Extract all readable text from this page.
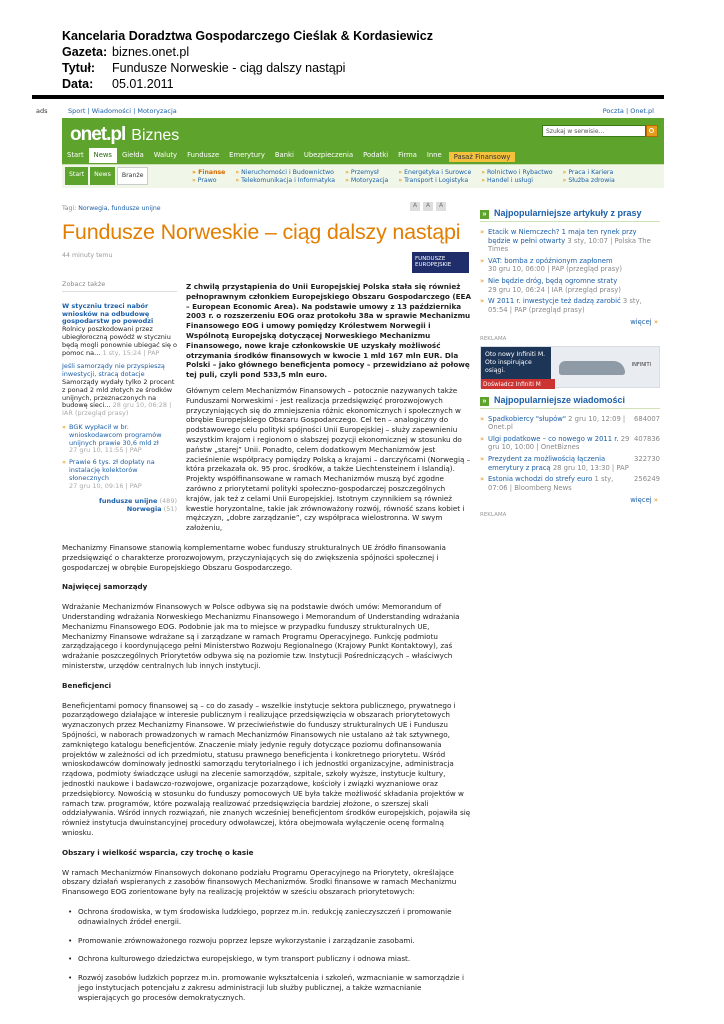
Kancelaria Doradztwa Gospodarczego Cieślak & Kordasiewicz
Gazeta: biznes.onet.pl
Tytuł:	Fundusze Norweskie - ciąg dalszy nastąpi
Data:	05.01.2011
ads	Sport | Wiadomości | Motoryzacja	Poczta | Onet.pl
onet.pl Biznes	Szukaj w serwisie...
Start	News	Giełda	Waluty	Fundusze	Emerytury	Banki	Ubezpieczenia	Podatki	Firma	Inne	Pasaż Finansowy
Start	News	Branże	» Finanse	» Nieruchomości i Budownictwo	» Przemysł	» Energetyka i Surowce	» Rolnictwo i Rybactwo	» Praca i Kariera
» Prawo	» Telekomunikacja i Informatyka	» Motoryzacja	» Transport i Logistyka	» Handel i usługi	» Służba zdrowia
Tagi: Norwegia, fundusze unijne	A	A	A
Fundusze Norweskie – ciąg dalszy nastąpi
44 minuty temu	FUNDUSZE EUROPEJSKIE
Zobacz także

W styczniu trzeci nabór wniosków na odbudowę gospodarstw po powodzi
Rolnicy poszkodowani przez ubiegłoroczną powódź w styczniu będą mogli ponownie ubiegać się o pomoc na... 1 sty, 15:24 | PAP

Jeśli samorządy nie przyspieszą inwestycji, stracą dotacje
Samorządy wydały tylko 2 procent z ponad 2 mld złotych ze środków unijnych, przeznaczonych na budowę sieci... 28 gru 10, 06:28 | IAR (przegląd prasy)

» BGK wypłacił w br. wnioskodawcom programów unijnych prawie 30,6 mld zł
27 gru 10, 11:55 | PAP
» Prawie 6 tys. zł dopłaty na instalację kolektorów słonecznych
27 gru 10, 09:16 | PAP
fundusze unijne (489)
Norwegia (51)
Z chwilą przystąpienia do Unii Europejskiej Polska stała się również pełnoprawnym członkiem Europejskiego Obszaru Gospodarczego (EEA – European Economic Area). Na podstawie umowy z 13 października 2003 r. o rozszerzeniu EOG oraz protokołu 38a w sprawie Mechanizmu Finansowego EOG i umowy pomiędzy Królestwem Norwegii i Wspólnotą Europejską dotyczącej Norweskiego Mechanizmu Finansowego, nowe kraje członkowskie UE uzyskały możliwość otrzymania środków finansowych w kwocie 1 mld 167 mln EUR. Dla Polski – jako głównego beneficjenta pomocy – przewidziano aż połowę tej puli, czyli pond 533,5 mln euro.
Głównym celem Mechanizmów Finansowych – potocznie nazywanych także Funduszami Norweskimi - jest realizacja przedsięwzięć prorozwojowych przyczyniających się do zmniejszenia różnic ekonomicznych i społecznych w obrębie Europejskiego Obszaru Gospodarczego. Cel ten – analogiczny do podstawowego celu polityki spójności Unii Europejskiej – służy zapewnieniu wszystkim krajom i regionom o słabszej pozycji ekonomicznej w stosunku do państw „starej” Unii. Ponadto, celem dodatkowym Mechanizmów jest zacieśnienie współpracy pomiędzy Polską a krajami – darczyńcami (Norwegią – która przekazała ok. 95 proc. środków, a także Liechtensteinem i Islandią). Projekty współfinansowane w ramach Mechanizmów muszą być zgodne zarówno z priorytetami polityki społeczno-gospodarczej poszczególnych krajów, jak też z celami Unii Europejskiej. Istotnym czynnikiem są również kwestie horyzontalne, takie jak zrównoważony rozwój, równość szans kobiet i mężczyzn, „dobre zarządzanie”, czy współpraca wielostronna. W swym założeniu,

Mechanizmy Finansowe stanowią komplementarne wobec funduszy strukturalnych UE źródło finansowania przedsięwzięć o charakterze prorozwojowym, przyczyniających się do zwiększenia spójności społecznej i gospodarczej w obrębie Europejskiego Obszaru Gospodarczego.

Najwięcej samorządy

Wdrażanie Mechanizmów Finansowych w Polsce odbywa się na podstawie dwóch umów: Memorandum of Understanding wdrażania Norweskiego Mechanizmu Finansowego i Memorandum of Understanding wdrażania Mechanizmu Finansowego EOG. Podobnie jak ma to miejsce w przypadku funduszy strukturalnych UE, Mechanizmy Finansowe wdrażane są i zarządzane w ramach Programu Operacyjnego. Funkcję podmiotu zarządzającego i koordynującego pełni Ministerstwo Rozwoju Regionalnego (Krajowy Punkt Kontaktowy), zaś wdrażanie poszczególnych Priorytetów odbywa się na poziomie tzw. Instytucji Pośredniczących – właściwych ministerstw, urzędów centralnych lub innych instytucji.

Beneficjenci

Beneficjentami pomocy finansowej są – co do zasady – wszelkie instytucje sektora publicznego, prywatnego i pozarządowego działające w interesie publicznym i realizujące przedsięwzięcia w obszarach priorytetowych wyznaczonych przez Mechanizmy Finansowe. W przeciwieństwie do funduszy strukturalnych UE i Funduszu Spójności, w naborach prowadzonych w ramach Mechanizmów Finansowych nie ustalano aż tak sztywnego, zamkniętego katalogu beneficjentów. Znaczenie miały jedynie reguły dotyczące poziomu dofinansowania projektów w zależności od ich przedmiotu, statusu prawnego beneficjenta i konkretnego priorytetu. Wśród wnioskodawców dominowały jednostki samorządu terytorialnego i ich jednostki organizacyjne, administracja rządowa, podmioty świadczące usługi na zlecenie samorządów, szpitale, szkoły wyższe, instytucje kultury, jednostki naukowe i badawczo-rozwojowe, organizacje pozarządowe, kościoły i związki wyznaniowe oraz przedsiębiorcy. Nowością w stosunku do funduszy pomocowych UE była także możliwość składania projektów w ramach tzw. programów, które pozwalają realizować przedsięwzięcia bardziej złożone, o szerszej skali oddziaływania. Wśród innych rozwiązań, nie znanych wcześniej beneficjentom środków europejskich, pojawiła się również instytucja dwuinstancyjnej procedury odwoławczej, która obejmowała wyłączenie ocenę formalną wniosku.

Obszary i wielkość wsparcia, czy trochę o kasie

W ramach Mechanizmów Finansowych dokonano podziału Programu Operacyjnego na Priorytety, określające obszary działań wspieranych z zasobów finansowych Mechanizmów. Środki finansowe w ramach Mechanizmu Finansowego EOG zorientowane były na realizację projektów w sześciu obszarach priorytetowych:

• Ochrona środowiska, w tym środowiska ludzkiego, poprzez m.in. redukcję zanieczyszczeń i promowanie odnawialnych źródeł energii.
• Promowanie zrównoważonego rozwoju poprzez lepsze wykorzystanie i zarządzanie zasobami.
• Ochrona kulturowego dziedzictwa europejskiego, w tym transport publiczny i odnowa miast.
• Rozwój zasobów ludzkich poprzez m.in. promowanie wykształcenia i szkoleń, wzmacnianie w samorządzie i jego instytucjach potencjału z zakresu administracji lub służby publicznej, a także wzmacnianie wspierających go procesów demokratycznych.
» Najpopularniejsze artykuły z prasy
» Etacik w Niemczech? 1 maja ten rynek przy będzie w pełni otwarty 3 sty, 10:07 | Polska The Times
» VAT: bomba z opóźnionym zapłonem
30 gru 10, 06:00 | PAP (przegląd prasy)
» Nie będzie dróg, będą ogromne straty
29 gru 10, 06:24 | IAR (przegląd prasy)
» W 2011 r. inwestycje też dadzą zarobić 3 sty, 05:54 | PAP (przegląd prasy)
więcej »
REKLAMA
Oto nowy Infiniti M.
Oto inspirujące osiągi.
Doświadcz Infiniti M
INFINITI
» Najpopularniejsze wiadomości
» Spadkobiercy "słupów" 2 gru 10, 12:09 | Onet.pl
684007
» Ulgi podatkowe – co nowego w 2011 r. 29 gru 10, 10:00 | OnetBiznes
407836
» Prezydent za możliwością łączenia emerytury z pracą 28 gru 10, 13:30 | PAP
322730
» Estonia wchodzi do strefy euro 1 sty, 07:06 | Bloomberg News
256249
więcej »
REKLAMA
